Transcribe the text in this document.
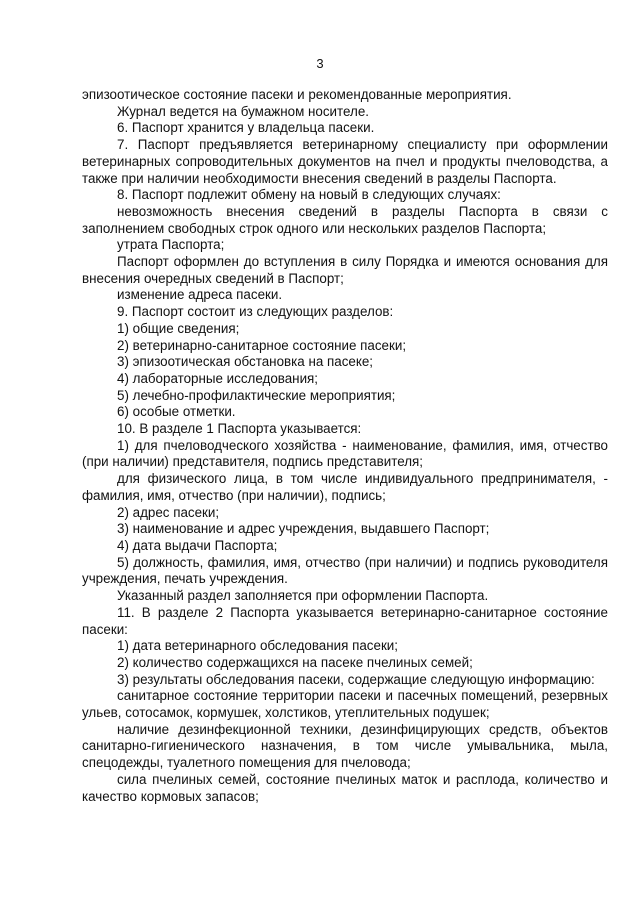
3

эпизоотическое состояние пасеки и рекомендованные мероприятия.

Журнал ведется на бумажном носителе.

6. Паспорт хранится у владельца пасеки.

7. Паспорт предъявляется ветеринарному специалисту при оформлении ветеринарных сопроводительных документов на пчел и продукты пчеловодства, а также при наличии необходимости внесения сведений в разделы Паспорта.

8. Паспорт подлежит обмену на новый в следующих случаях:

невозможность внесения сведений в разделы Паспорта в связи с заполнением свободных строк одного или нескольких разделов Паспорта;

утрата Паспорта;

Паспорт оформлен до вступления в силу Порядка и имеются основания для внесения очередных сведений в Паспорт;

изменение адреса пасеки.

9. Паспорт состоит из следующих разделов:

1) общие сведения;

2) ветеринарно-санитарное состояние пасеки;

3) эпизоотическая обстановка на пасеке;

4) лабораторные исследования;

5) лечебно-профилактические мероприятия;

6) особые отметки.

10. В разделе 1 Паспорта указывается:

1) для пчеловодческого хозяйства - наименование, фамилия, имя, отчество (при наличии) представителя, подпись представителя;

для физического лица, в том числе индивидуального предпринимателя, - фамилия, имя, отчество (при наличии), подпись;

2) адрес пасеки;

3) наименование и адрес учреждения, выдавшего Паспорт;

4) дата выдачи Паспорта;

5) должность, фамилия, имя, отчество (при наличии) и подпись руководителя учреждения, печать учреждения.

Указанный раздел заполняется при оформлении Паспорта.

11. В разделе 2 Паспорта указывается ветеринарно-санитарное состояние пасеки:

1) дата ветеринарного обследования пасеки;

2) количество содержащихся на пасеке пчелиных семей;

3) результаты обследования пасеки, содержащие следующую информацию:

санитарное состояние территории пасеки и пасечных помещений, резервных ульев, сотосамок, кормушек, холстиков, утеплительных подушек;

наличие дезинфекционной техники, дезинфицирующих средств, объектов санитарно-гигиенического назначения, в том числе умывальника, мыла, спецодежды, туалетного помещения для пчеловода;

сила пчелиных семей, состояние пчелиных маток и расплода, количество и качество кормовых запасов;
